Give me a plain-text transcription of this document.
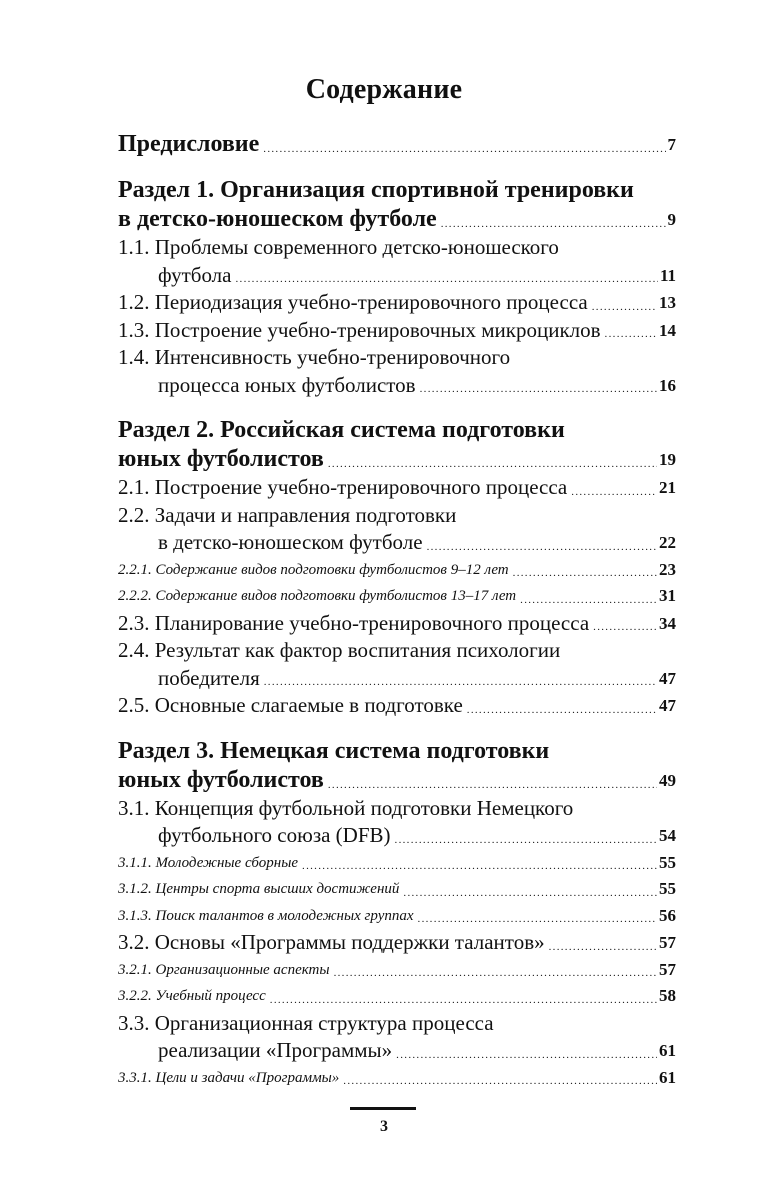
Содержание
Предисловие .....	7
Раздел 1. Организация спортивной тренировки
в детско-юношеском футболе .....	9
1.1. Проблемы современного детско-юношеского
футбола .....	11
1.2. Периодизация учебно-тренировочного процесса .....	13
1.3. Построение учебно-тренировочных микроциклов .....	14
1.4. Интенсивность учебно-тренировочного
процесса юных футболистов .....	16
Раздел 2. Российская система подготовки
юных футболистов .....	19
2.1. Построение учебно-тренировочного процесса .....	21
2.2. Задачи и направления подготовки
в детско-юношеском футболе .....	22
2.2.1. Содержание видов подготовки футболистов 9–12 лет .....	23
2.2.2. Содержание видов подготовки футболистов 13–17 лет .....	31
2.3. Планирование учебно-тренировочного процесса .....	34
2.4. Результат как фактор воспитания психологии
победителя .....	47
2.5. Основные слагаемые в подготовке .....	47
Раздел 3. Немецкая система подготовки
юных футболистов .....	49
3.1. Концепция футбольной подготовки Немецкого
футбольного союза (DFB) .....	54
3.1.1. Молодежные сборные .....	55
3.1.2. Центры спорта высших достижений .....	55
3.1.3. Поиск талантов в молодежных группах .....	56
3.2. Основы «Программы поддержки талантов» .....	57
3.2.1. Организационные аспекты .....	57
3.2.2. Учебный процесс .....	58
3.3. Организационная структура процесса
реализации «Программы» .....	61
3.3.1. Цели и задачи «Программы» .....	61
3
